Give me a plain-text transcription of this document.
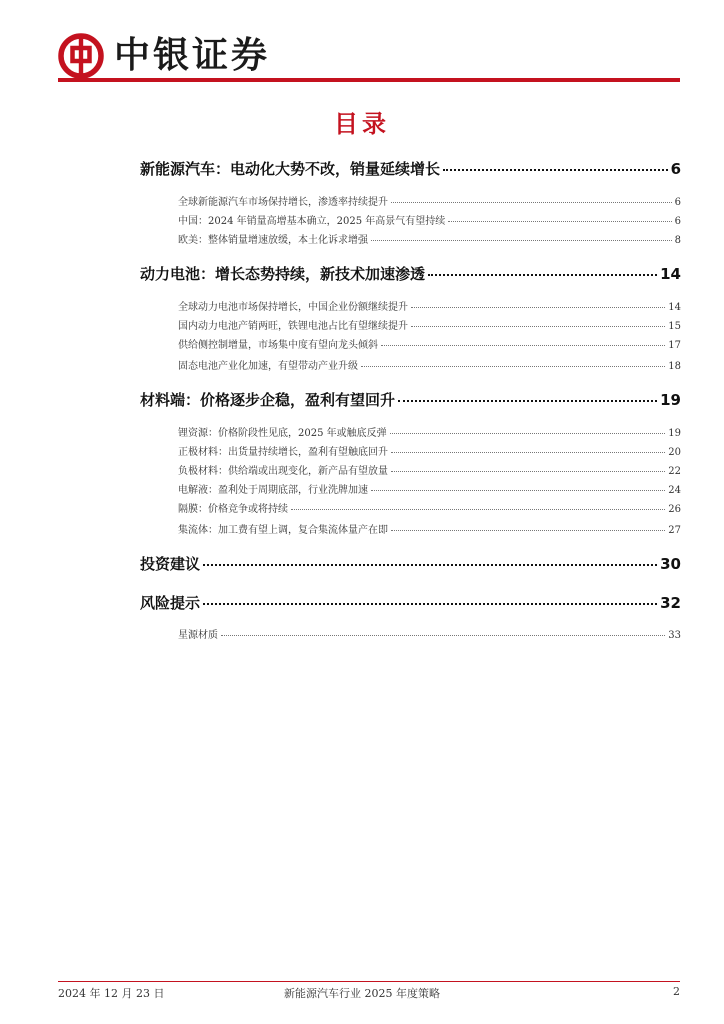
中银证券
目录
新能源汽车：电动化大势不改，销量延续增长	6
全球新能源汽车市场保持增长，渗透率持续提升	6
中国：2024 年销量高增基本确立，2025 年高景气有望持续	6
欧美：整体销量增速放缓，本土化诉求增强	8
动力电池：增长态势持续，新技术加速渗透	14
全球动力电池市场保持增长，中国企业份额继续提升	14
国内动力电池产销两旺，铁锂电池占比有望继续提升	15
供给侧控制增量，市场集中度有望向龙头倾斜	17
固态电池产业化加速，有望带动产业升级	18
材料端：价格逐步企稳，盈利有望回升	19
锂资源：价格阶段性见底，2025 年或触底反弹	19
正极材料：出货量持续增长，盈利有望触底回升	20
负极材料：供给端或出现变化，新产品有望放量	22
电解液：盈利处于周期底部，行业洗牌加速	24
隔膜：价格竞争或将持续	26
集流体：加工费有望上调，复合集流体量产在即	27
投资建议	30
风险提示	32
星源材质	33
2024 年 12 月 23 日	新能源汽车行业 2025 年度策略	2
